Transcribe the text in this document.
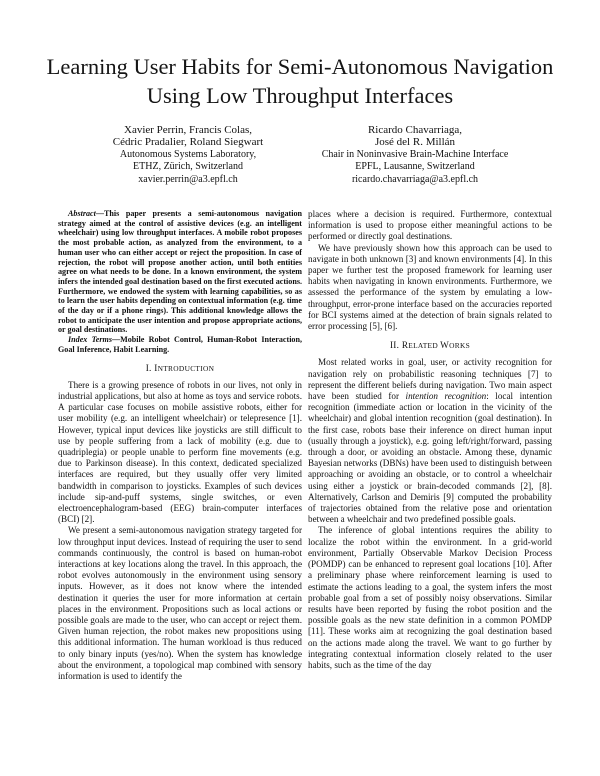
Learning User Habits for Semi-Autonomous Navigation Using Low Throughput Interfaces
Xavier Perrin, Francis Colas,
Cédric Pradalier, Roland Siegwart
Autonomous Systems Laboratory,
ETHZ, Zürich, Switzerland
xavier.perrin@a3.epfl.ch
Ricardo Chavarriaga,
José del R. Millán
Chair in Noninvasive Brain-Machine Interface
EPFL, Lausanne, Switzerland
ricardo.chavarriaga@a3.epfl.ch

Abstract—This paper presents a semi-autonomous navigation strategy aimed at the control of assistive devices (e.g. an intelligent wheelchair) using low throughput interfaces. A mobile robot proposes the most probable action, as analyzed from the environment, to a human user who can either accept or reject the proposition. In case of rejection, the robot will propose another action, until both entities agree on what needs to be done. In a known environment, the system infers the intended goal destination based on the first executed actions. Furthermore, we endowed the system with learning capabilities, so as to learn the user habits depending on contextual information (e.g. time of the day or if a phone rings). This additional knowledge allows the robot to anticipate the user intention and propose appropriate actions, or goal destinations.

Index Terms—Mobile Robot Control, Human-Robot Interaction, Goal Inference, Habit Learning.

I. INTRODUCTION

There is a growing presence of robots in our lives, not only in industrial applications, but also at home as toys and service robots. A particular case focuses on mobile assistive robots, either for user mobility (e.g. an intelligent wheelchair) or telepresence [1]. However, typical input devices like joysticks are still difficult to use by people suffering from a lack of mobility (e.g. due to quadriplegia) or people unable to perform fine movements (e.g. due to Parkinson disease). In this context, dedicated specialized interfaces are required, but they usually offer very limited bandwidth in comparison to joysticks. Examples of such devices include sip-and-puff systems, single switches, or even electroencephalogram-based (EEG) brain-computer interfaces (BCI) [2].

We present a semi-autonomous navigation strategy targeted for low throughput input devices. Instead of requiring the user to send commands continuously, the control is based on human-robot interactions at key locations along the travel. In this approach, the robot evolves autonomously in the environment using sensory inputs. However, as it does not know where the intended destination it queries the user for more information at certain places in the environment. Propositions such as local actions or possible goals are made to the user, who can accept or reject them. Given human rejection, the robot makes new propositions using this additional information. The human workload is thus reduced to only binary inputs (yes/no). When the system has knowledge about the environment, a topological map combined with sensory information is used to identify the

places where a decision is required. Furthermore, contextual information is used to propose either meaningful actions to be performed or directly goal destinations.

We have previously shown how this approach can be used to navigate in both unknown [3] and known environments [4]. In this paper we further test the proposed framework for learning user habits when navigating in known environments. Furthermore, we assessed the performance of the system by emulating a low-throughput, error-prone interface based on the accuracies reported for BCI systems aimed at the detection of brain signals related to error processing [5], [6].

II. RELATED WORKS

Most related works in goal, user, or activity recognition for navigation rely on probabilistic reasoning techniques [7] to represent the different beliefs during navigation. Two main aspect have been studied for intention recognition: local intention recognition (immediate action or location in the vicinity of the wheelchair) and global intention recognition (goal destination). In the first case, robots base their inference on direct human input (usually through a joystick), e.g. going left/right/forward, passing through a door, or avoiding an obstacle. Among these, dynamic Bayesian networks (DBNs) have been used to distinguish between approaching or avoiding an obstacle, or to control a wheelchair using either a joystick or brain-decoded commands [2], [8]. Alternatively, Carlson and Demiris [9] computed the probability of trajectories obtained from the relative pose and orientation between a wheelchair and two predefined possible goals.

The inference of global intentions requires the ability to localize the robot within the environment. In a grid-world environment, Partially Observable Markov Decision Process (POMDP) can be enhanced to represent goal locations [10]. After a preliminary phase where reinforcement learning is used to estimate the actions leading to a goal, the system infers the most probable goal from a set of possibly noisy observations. Similar results have been reported by fusing the robot position and the possible goals as the new state definition in a common POMDP [11]. These works aim at recognizing the goal destination based on the actions made along the travel. We want to go further by integrating contextual information closely related to the user habits, such as the time of the day
